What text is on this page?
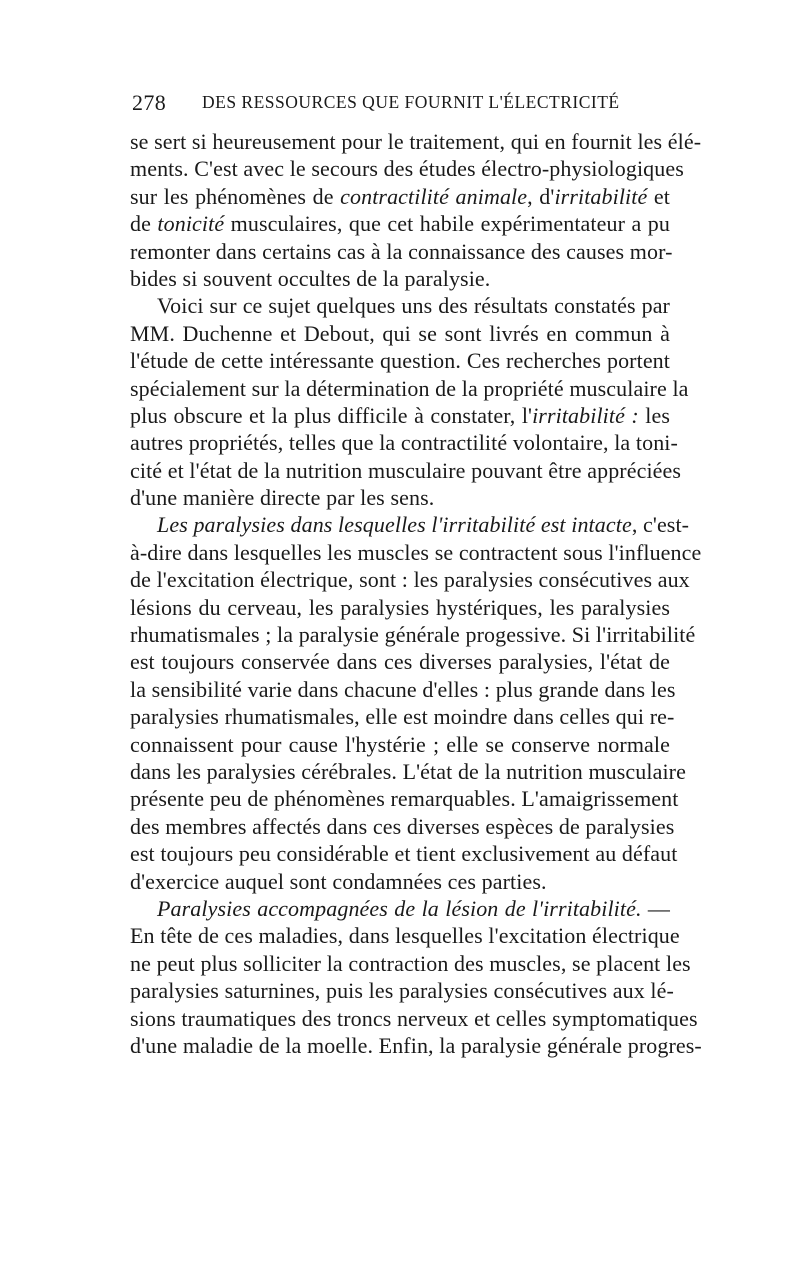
278 DES RESSOURCES QUE FOURNIT L'ÉLECTRICITÉ
se sert si heureusement pour le traitement, qui en fournit les élé-
ments. C'est avec le secours des études électro-physiologiques
sur les phénomènes de contractilité animale, d'irritabilité et
de tonicité musculaires, que cet habile expérimentateur a pu
remonter dans certains cas à la connaissance des causes mor-
bides si souvent occultes de la paralysie.
Voici sur ce sujet quelques uns des résultats constatés par
MM. Duchenne et Debout, qui se sont livrés en commun à
l'étude de cette intéressante question. Ces recherches portent
spécialement sur la détermination de la propriété musculaire la
plus obscure et la plus difficile à constater, l'irritabilité : les
autres propriétés, telles que la contractilité volontaire, la toni-
cité et l'état de la nutrition musculaire pouvant être appréciées
d'une manière directe par les sens.
Les paralysies dans lesquelles l'irritabilité est intacte, c'est-
à-dire dans lesquelles les muscles se contractent sous l'influence
de l'excitation électrique, sont : les paralysies consécutives aux
lésions du cerveau, les paralysies hystériques, les paralysies
rhumatismales ; la paralysie générale progessive. Si l'irritabilité
est toujours conservée dans ces diverses paralysies, l'état de
la sensibilité varie dans chacune d'elles : plus grande dans les
paralysies rhumatismales, elle est moindre dans celles qui re-
connaissent pour cause l'hystérie ; elle se conserve normale
dans les paralysies cérébrales. L'état de la nutrition musculaire
présente peu de phénomènes remarquables. L'amaigrissement
des membres affectés dans ces diverses espèces de paralysies
est toujours peu considérable et tient exclusivement au défaut
d'exercice auquel sont condamnées ces parties.
Paralysies accompagnées de la lésion de l'irritabilité. —
En tête de ces maladies, dans lesquelles l'excitation électrique
ne peut plus solliciter la contraction des muscles, se placent les
paralysies saturnines, puis les paralysies consécutives aux lé-
sions traumatiques des troncs nerveux et celles symptomatiques
d'une maladie de la moelle. Enfin, la paralysie générale progres-
